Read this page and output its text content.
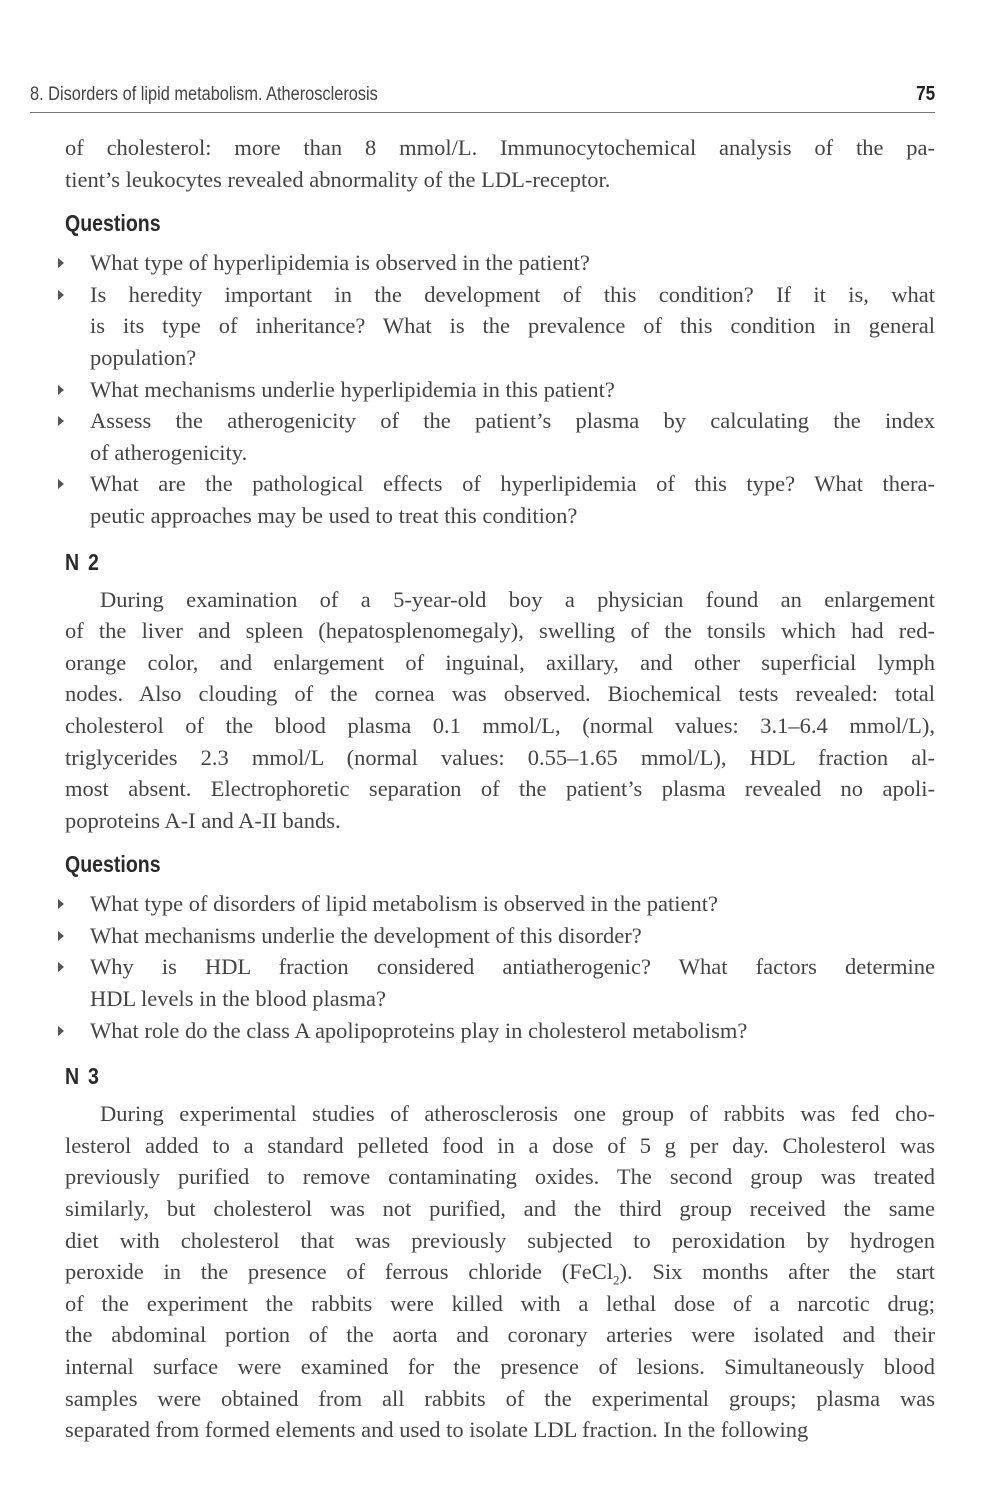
8. Disorders of lipid metabolism. Atherosclerosis	75
of cholesterol: more than 8 mmol/L. Immunocytochemical analysis of the pa-
tient’s leukocytes revealed abnormality of the LDL-receptor.
Questions
What type of hyperlipidemia is observed in the patient?
Is heredity important in the development of this condition? If it is, what
is its type of inheritance? What is the prevalence of this condition in general
population?
What mechanisms underlie hyperlipidemia in this patient?
Assess the atherogenicity of the patient’s plasma by calculating the index
of atherogenicity.
What are the pathological effects of hyperlipidemia of this type? What thera-
peutic approaches may be used to treat this condition?
N 2
During examination of a 5-year-old boy a physician found an enlargement
of the liver and spleen (hepatosplenomegaly), swelling of the tonsils which had red-
orange color, and enlargement of inguinal, axillary, and other superficial lymph
nodes. Also clouding of the cornea was observed. Biochemical tests revealed: total
cholesterol of the blood plasma 0.1 mmol/L, (normal values: 3.1–6.4 mmol/L),
triglycerides 2.3 mmol/L (normal values: 0.55–1.65 mmol/L), HDL fraction al-
most absent. Electrophoretic separation of the patient’s plasma revealed no apoli-
poproteins A-I and A-II bands.
Questions
What type of disorders of lipid metabolism is observed in the patient?
What mechanisms underlie the development of this disorder?
Why is HDL fraction considered antiatherogenic? What factors determine
HDL levels in the blood plasma?
What role do the class A apolipoproteins play in cholesterol metabolism?
N 3
During experimental studies of atherosclerosis one group of rabbits was fed cho-
lesterol added to a standard pelleted food in a dose of 5 g per day. Cholesterol was
previously purified to remove contaminating oxides. The second group was treated
similarly, but cholesterol was not purified, and the third group received the same
diet with cholesterol that was previously subjected to peroxidation by hydrogen
peroxide in the presence of ferrous chloride (FeCl$_2$). Six months after the start
of the experiment the rabbits were killed with a lethal dose of a narcotic drug;
the abdominal portion of the aorta and coronary arteries were isolated and their
internal surface were examined for the presence of lesions. Simultaneously blood
samples were obtained from all rabbits of the experimental groups; plasma was
separated from formed elements and used to isolate LDL fraction. In the following
